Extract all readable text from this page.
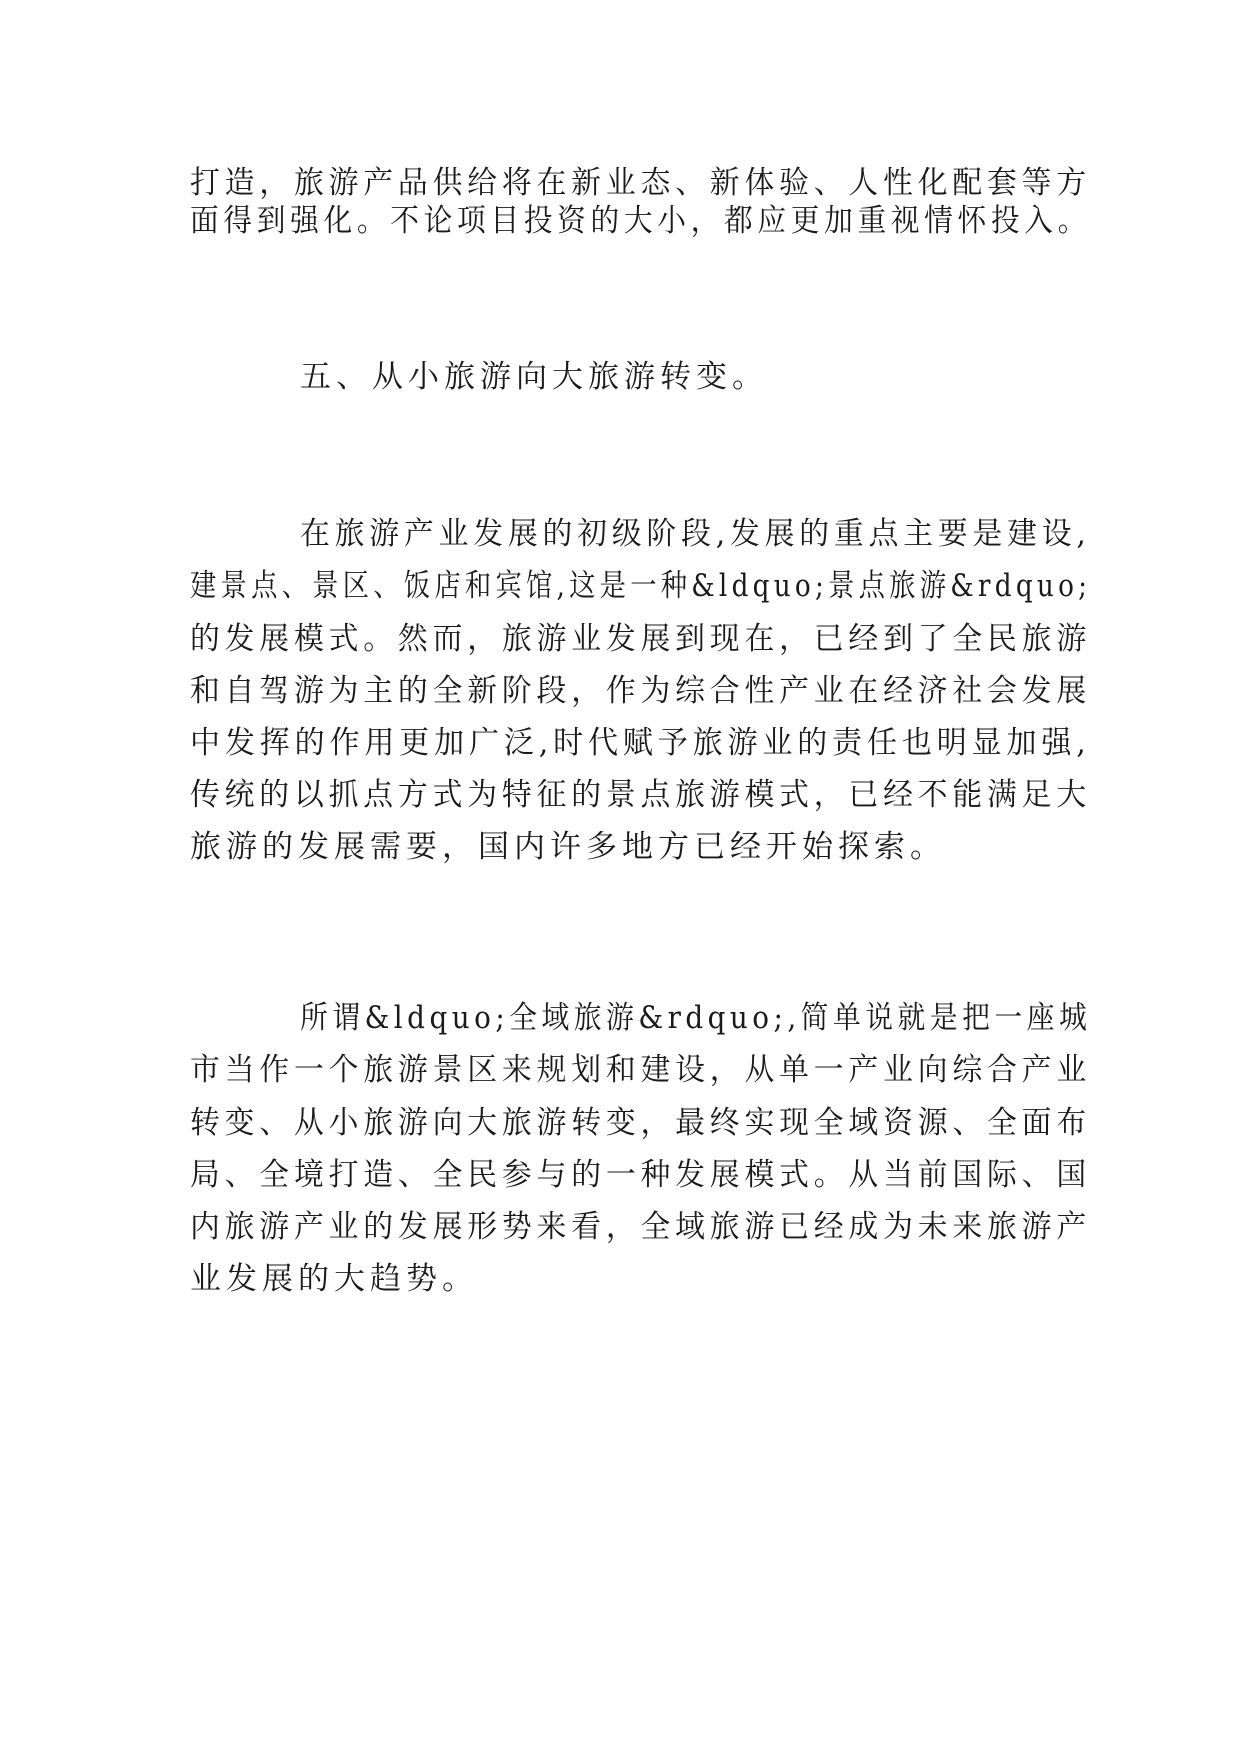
打造，旅游产品供给将在新业态、新体验、人性化配套等方
面得到强化。不论项目投资的大小，都应更加重视情怀投入。
五、从小旅游向大旅游转变。
在旅游产业发展的初级阶段,发展的重点主要是建设,
建景点、景区、饭店和宾馆,这是一种&ldquo;景点旅游&rdquo;
的发展模式。然而，旅游业发展到现在，已经到了全民旅游
和自驾游为主的全新阶段，作为综合性产业在经济社会发展
中发挥的作用更加广泛,时代赋予旅游业的责任也明显加强,
传统的以抓点方式为特征的景点旅游模式，已经不能满足大
旅游的发展需要，国内许多地方已经开始探索。
所谓&ldquo;全域旅游&rdquo;,简单说就是把一座城
市当作一个旅游景区来规划和建设，从单一产业向综合产业
转变、从小旅游向大旅游转变，最终实现全域资源、全面布
局、全境打造、全民参与的一种发展模式。从当前国际、国
内旅游产业的发展形势来看，全域旅游已经成为未来旅游产
业发展的大趋势。
